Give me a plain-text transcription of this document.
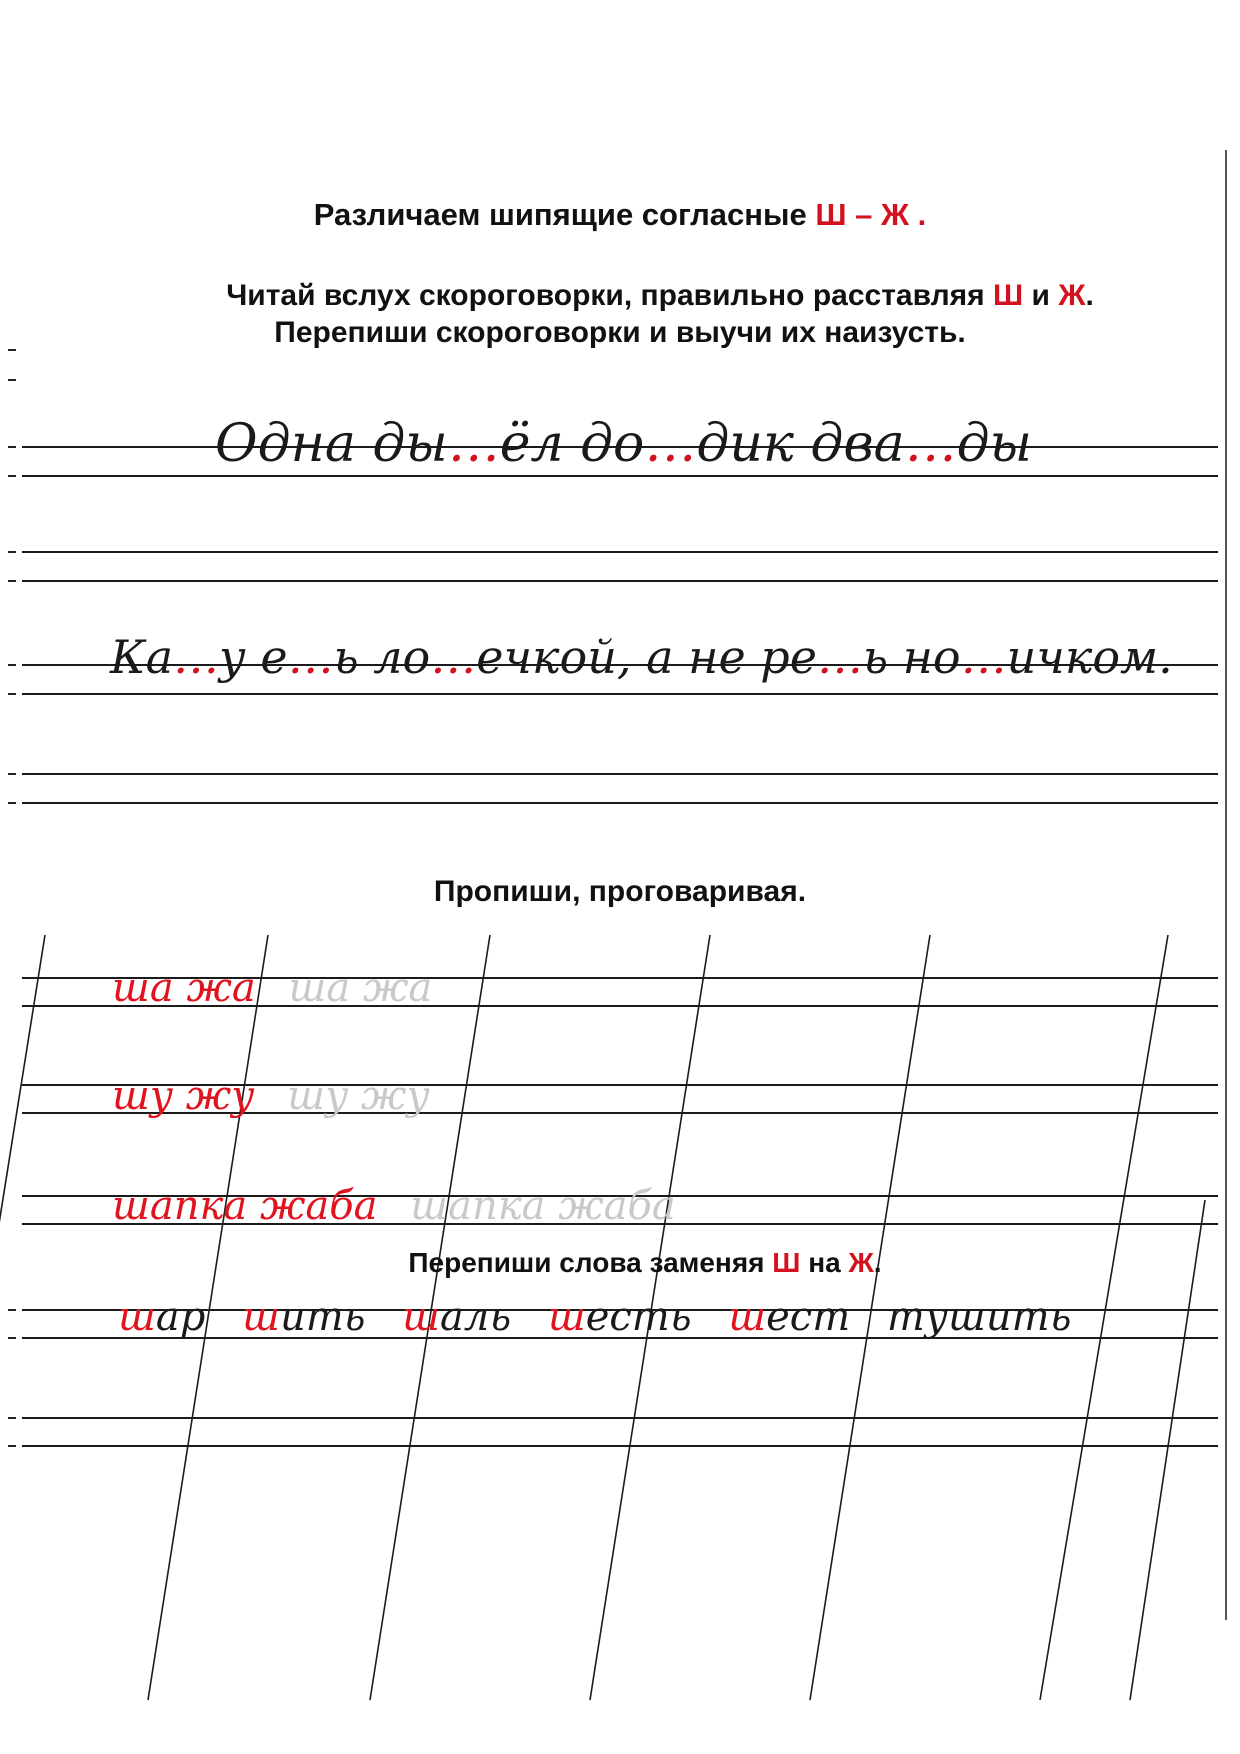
Различаем шипящие согласные Ш – Ж .
Читай вслух скороговорки, правильно расставляя Ш и Ж.
Перепиши скороговорки и выучи их наизусть.
Одна ды…ёл до…дик два…ды
Ка…у е…ь ло…ечкой, а не ре…ь но…ичком.
Пропиши, проговаривая.
ша жа ша жа
шу жу шу жу
шапка жаба шапка жаба
Перепиши слова заменяя Ш на Ж.
шар шить шаль шесть шест тушить
